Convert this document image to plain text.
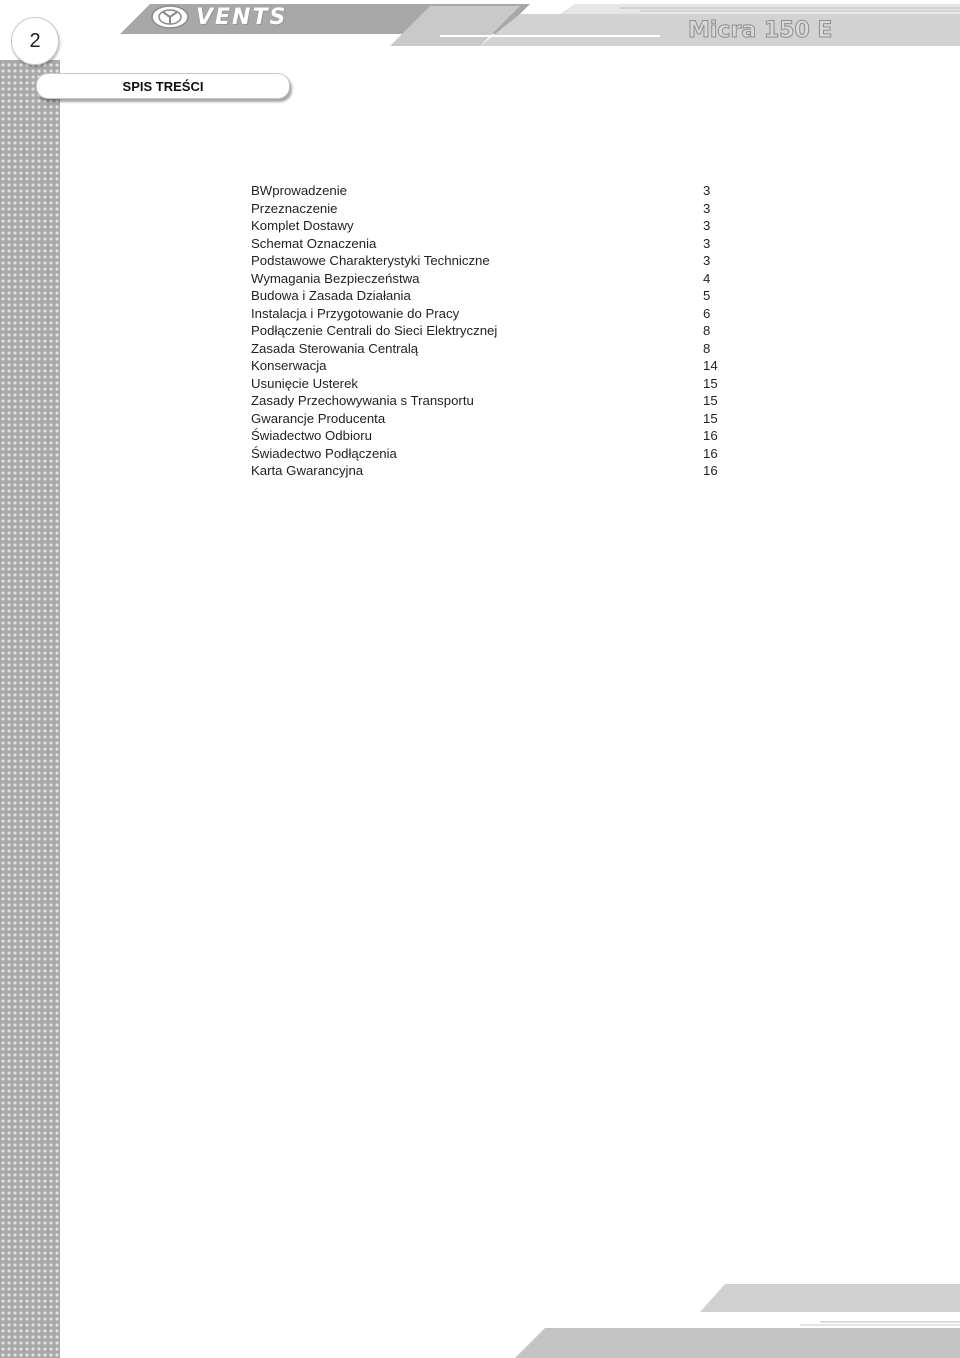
2
VENTS
Micra 150 E
SPIS TREŚCI
BWprowadzenie	3
Przeznaczenie	3
Komplet Dostawy	3
Schemat Oznaczenia	3
Podstawowe Charakterystyki Techniczne	3
Wymagania Bezpieczeństwa	4
Budowa i Zasada Działania	5
Instalacja i Przygotowanie do Pracy	6
Podłączenie Centrali do Sieci Elektrycznej	8
Zasada Sterowania Centralą	8
Konserwacja	14
Usunięcie Usterek	15
Zasady Przechowywania s Transportu	15
Gwarancje Producenta	15
Świadectwo Odbioru	16
Świadectwo Podłączenia	16
Karta Gwarancyjna	16
